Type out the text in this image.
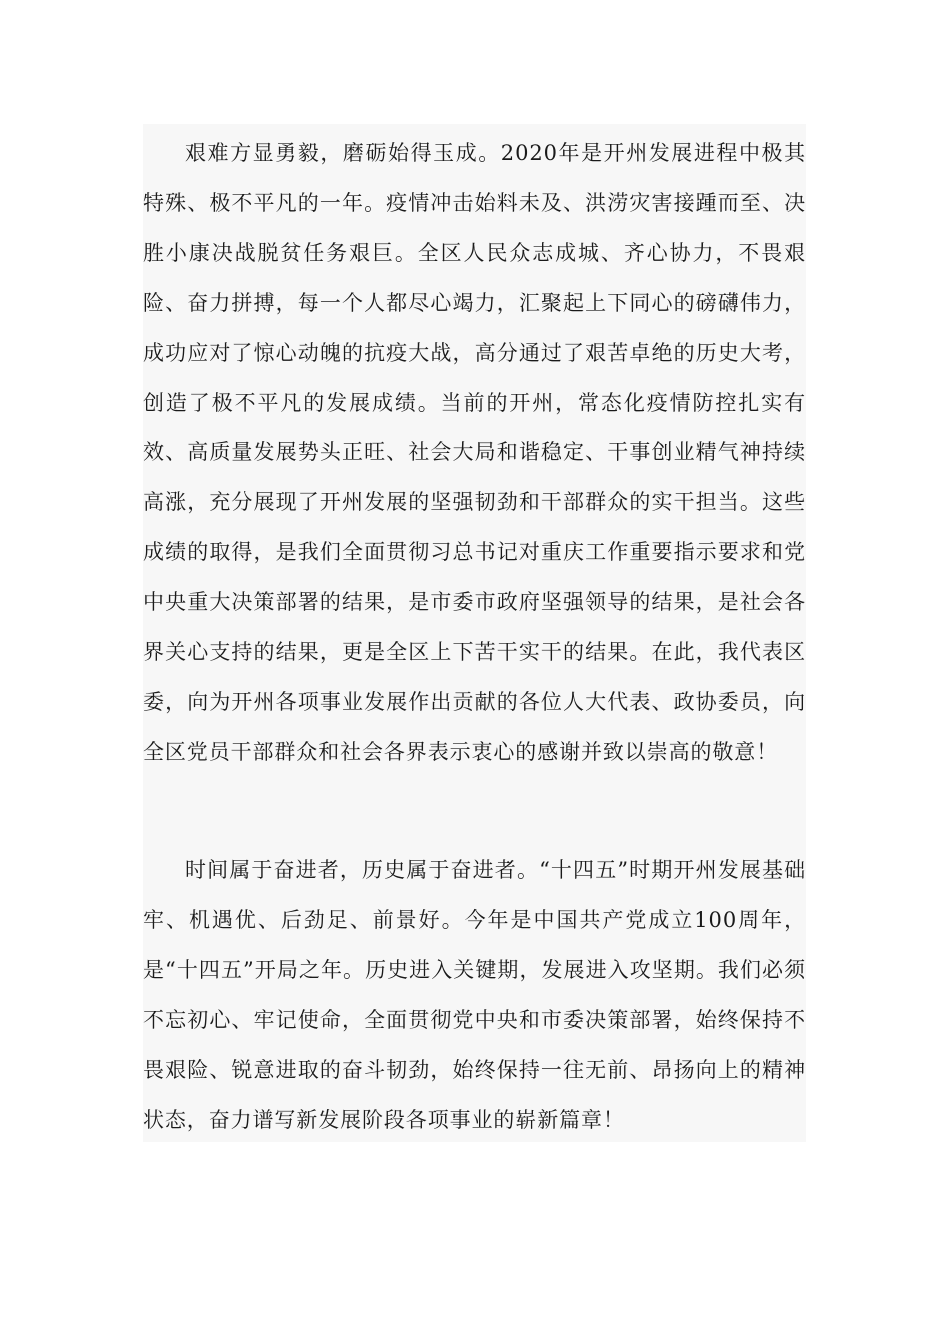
艰难方显勇毅，磨砺始得玉成。2020年是开州发展进程中极其特殊、极不平凡的一年。疫情冲击始料未及、洪涝灾害接踵而至、决胜小康决战脱贫任务艰巨。全区人民众志成城、齐心协力，不畏艰险、奋力拼搏，每一个人都尽心竭力，汇聚起上下同心的磅礴伟力，成功应对了惊心动魄的抗疫大战，高分通过了艰苦卓绝的历史大考，创造了极不平凡的发展成绩。当前的开州，常态化疫情防控扎实有效、高质量发展势头正旺、社会大局和谐稳定、干事创业精气神持续高涨，充分展现了开州发展的坚强韧劲和干部群众的实干担当。这些成绩的取得，是我们全面贯彻习总书记对重庆工作重要指示要求和党中央重大决策部署的结果，是市委市政府坚强领导的结果，是社会各界关心支持的结果，更是全区上下苦干实干的结果。在此，我代表区委，向为开州各项事业发展作出贡献的各位人大代表、政协委员，向全区党员干部群众和社会各界表示衷心的感谢并致以崇高的敬意！

时间属于奋进者，历史属于奋进者。“十四五”时期开州发展基础牢、机遇优、后劲足、前景好。今年是中国共产党成立100周年，是“十四五”开局之年。历史进入关键期，发展进入攻坚期。我们必须不忘初心、牢记使命，全面贯彻党中央和市委决策部署，始终保持不畏艰险、锐意进取的奋斗韧劲，始终保持一往无前、昂扬向上的精神状态，奋力谱写新发展阶段各项事业的崭新篇章！
